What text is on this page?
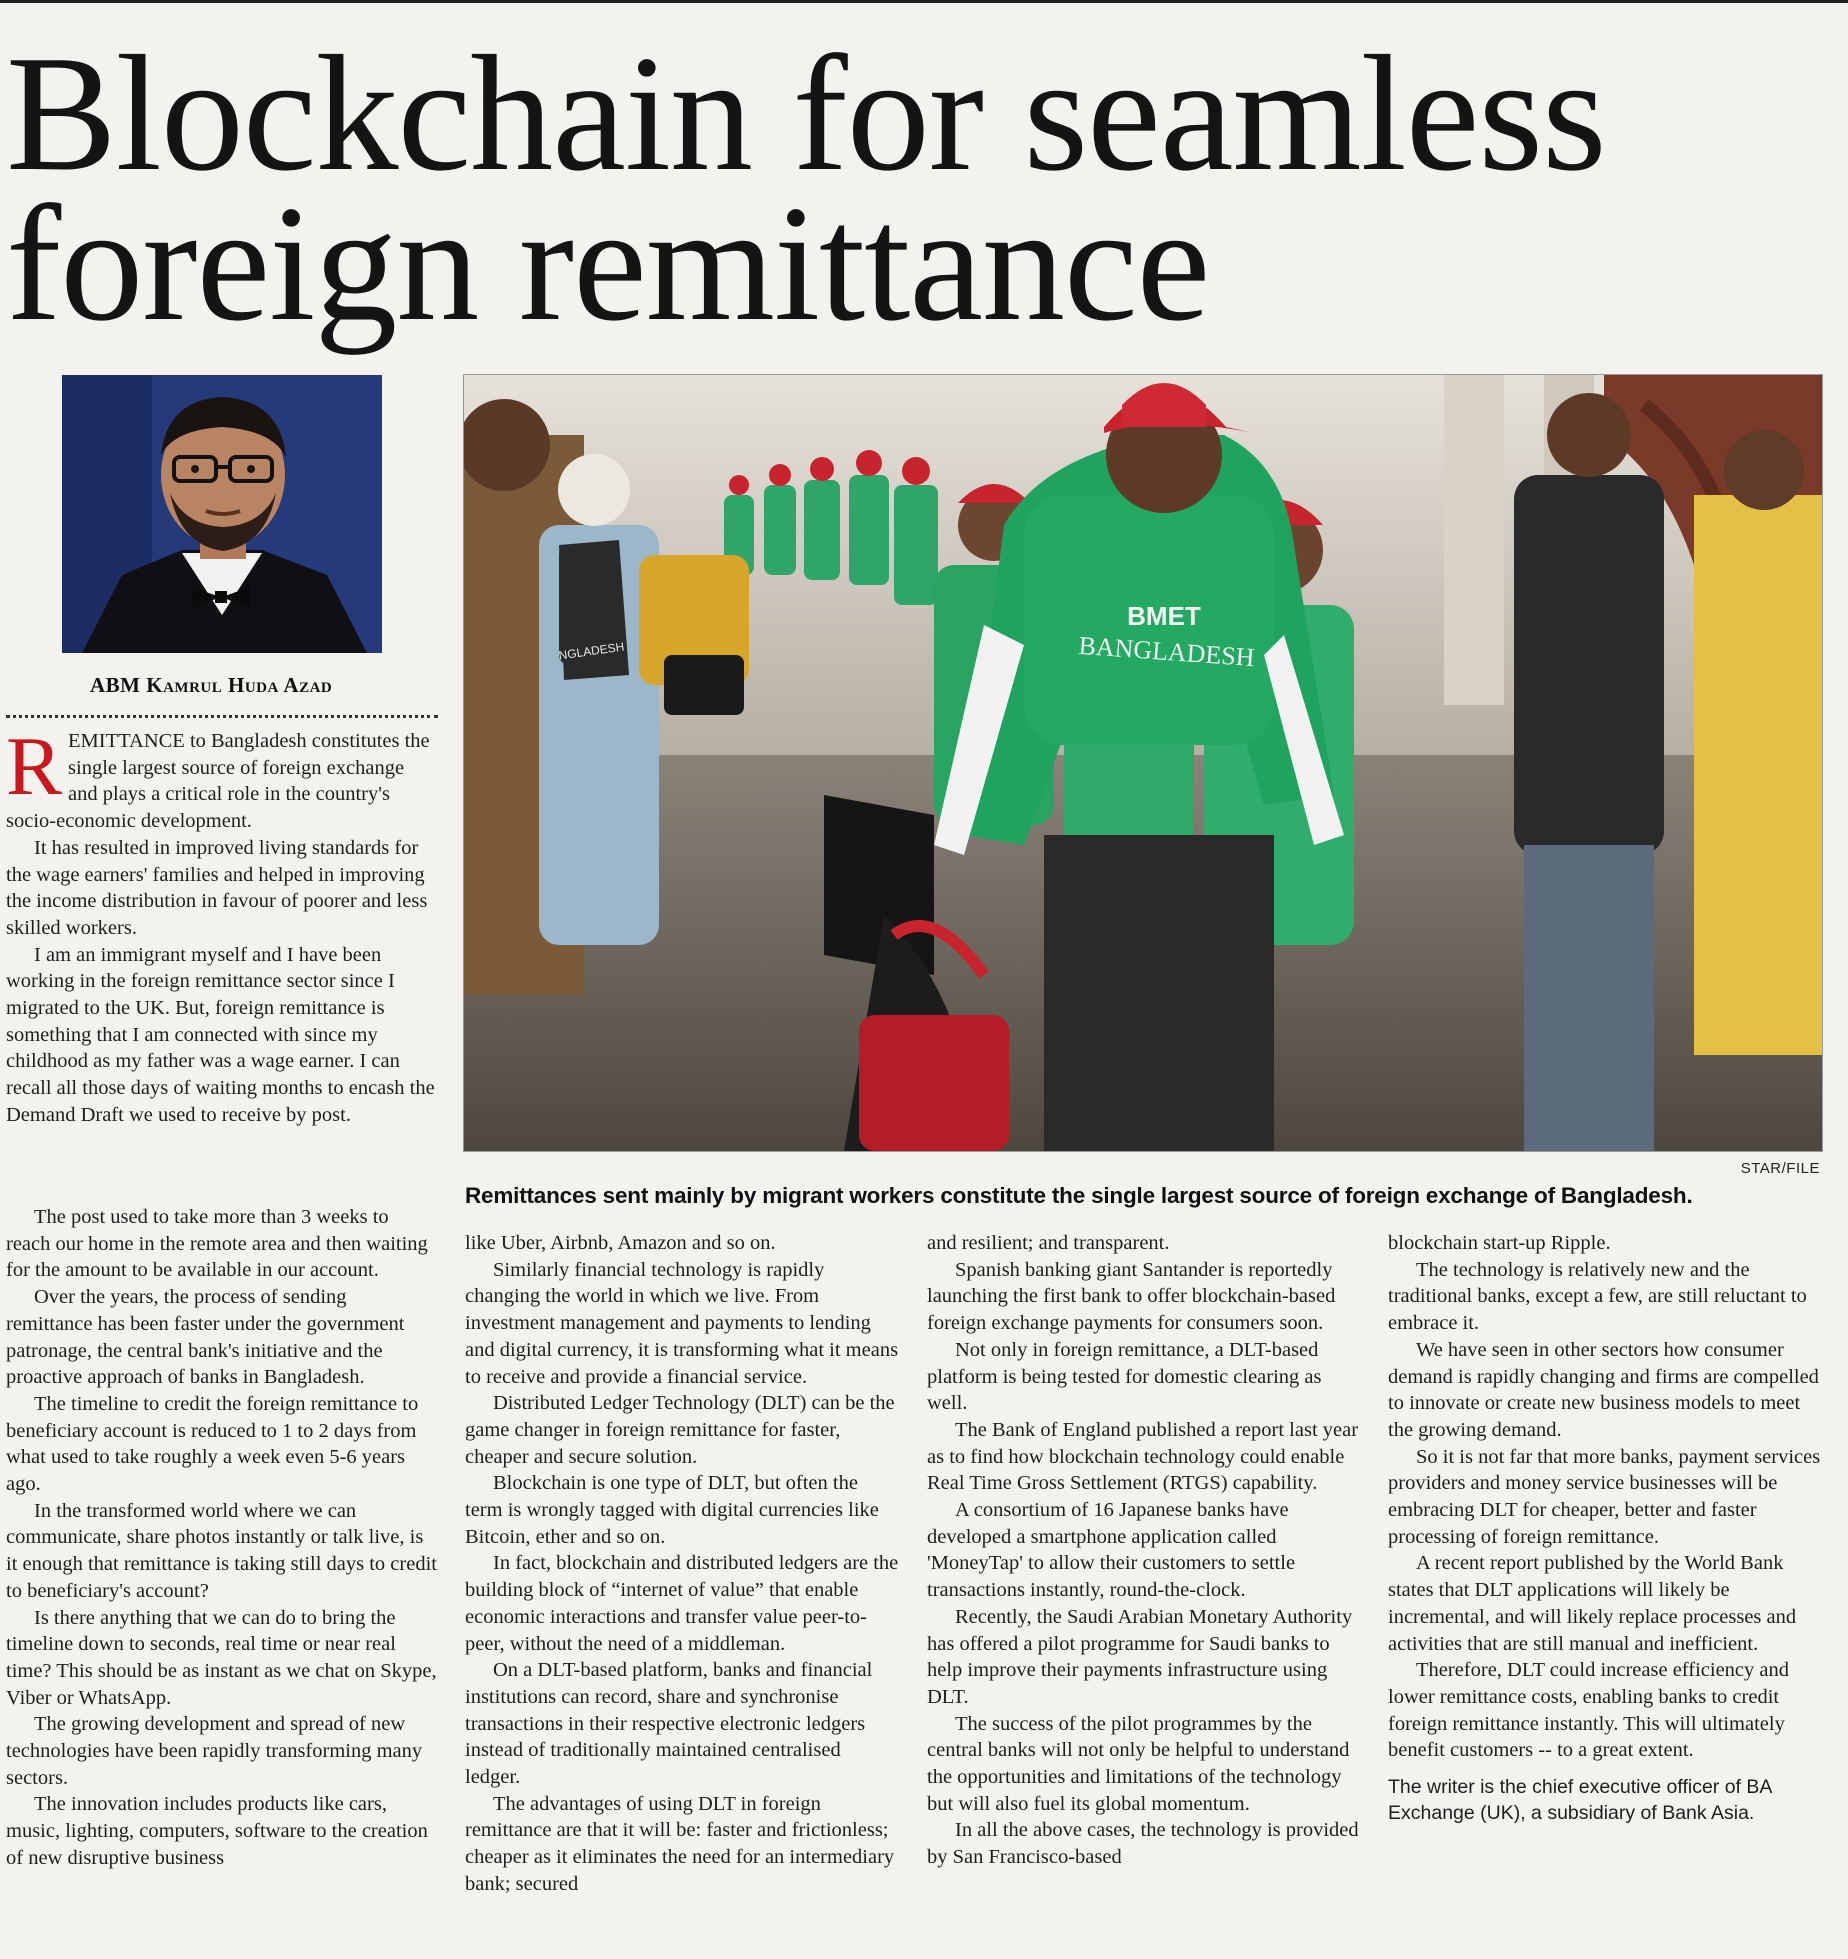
Blockchain for seamless
foreign remittance
ABM Kamrul Huda Azad
BMET
BANGLADESH
NGLADESH
STAR/FILE
Remittances sent mainly by migrant workers constitute the single largest source of foreign exchange of Bangladesh.

REMITTANCE to Bangladesh constitutes the single largest source of foreign exchange and plays a critical role in the country's socio-economic development.

It has resulted in improved living standards for the wage earners' families and helped in improving the income distribution in favour of poorer and less skilled workers.

I am an immigrant myself and I have been working in the foreign remittance sector since I migrated to the UK. But, foreign remittance is something that I am connected with since my childhood as my father was a wage earner. I can recall all those days of waiting months to encash the Demand Draft we used to receive by post.

The post used to take more than 3 weeks to reach our home in the remote area and then waiting for the amount to be available in our account.

Over the years, the process of sending remittance has been faster under the government patronage, the central bank's initiative and the proactive approach of banks in Bangladesh.

The timeline to credit the foreign remittance to beneficiary account is reduced to 1 to 2 days from what used to take roughly a week even 5-6 years ago.

In the transformed world where we can communicate, share photos instantly or talk live, is it enough that remittance is taking still days to credit to beneficiary's account?

Is there anything that we can do to bring the timeline down to seconds, real time or near real time? This should be as instant as we chat on Skype, Viber or WhatsApp.

The growing development and spread of new technologies have been rapidly transforming many sectors.

The innovation includes products like cars, music, lighting, computers, software to the creation of new disruptive business

like Uber, Airbnb, Amazon and so on.

Similarly financial technology is rapidly changing the world in which we live. From investment management and payments to lending and digital currency, it is transforming what it means to receive and provide a financial service.

Distributed Ledger Technology (DLT) can be the game changer in foreign remittance for faster, cheaper and secure solution.

Blockchain is one type of DLT, but often the term is wrongly tagged with digital currencies like Bitcoin, ether and so on.

In fact, blockchain and distributed ledgers are the building block of “internet of value” that enable economic interactions and transfer value peer-to-peer, without the need of a middleman.

On a DLT-based platform, banks and financial institutions can record, share and synchronise transactions in their respective electronic ledgers instead of traditionally maintained centralised ledger.

The advantages of using DLT in foreign remittance are that it will be: faster and frictionless; cheaper as it eliminates the need for an intermediary bank; secured

and resilient; and transparent.

Spanish banking giant Santander is reportedly launching the first bank to offer blockchain-based foreign exchange payments for consumers soon.

Not only in foreign remittance, a DLT-based platform is being tested for domestic clearing as well.

The Bank of England published a report last year as to find how blockchain technology could enable Real Time Gross Settlement (RTGS) capability.

A consortium of 16 Japanese banks have developed a smartphone application called 'MoneyTap' to allow their customers to settle transactions instantly, round-the-clock.

Recently, the Saudi Arabian Monetary Authority has offered a pilot programme for Saudi banks to help improve their payments infrastructure using DLT.

The success of the pilot programmes by the central banks will not only be helpful to understand the opportunities and limitations of the technology but will also fuel its global momentum.

In all the above cases, the technology is provided by San Francisco-based

blockchain start-up Ripple.

The technology is relatively new and the traditional banks, except a few, are still reluctant to embrace it.

We have seen in other sectors how consumer demand is rapidly changing and firms are compelled to innovate or create new business models to meet the growing demand.

So it is not far that more banks, payment services providers and money service businesses will be embracing DLT for cheaper, better and faster processing of foreign remittance.

A recent report published by the World Bank states that DLT applications will likely be incremental, and will likely replace processes and activities that are still manual and inefficient.

Therefore, DLT could increase efficiency and lower remittance costs, enabling banks to credit foreign remittance instantly. This will ultimately benefit customers -- to a great extent.

The writer is the chief executive officer of BA Exchange (UK), a subsidiary of Bank Asia.
